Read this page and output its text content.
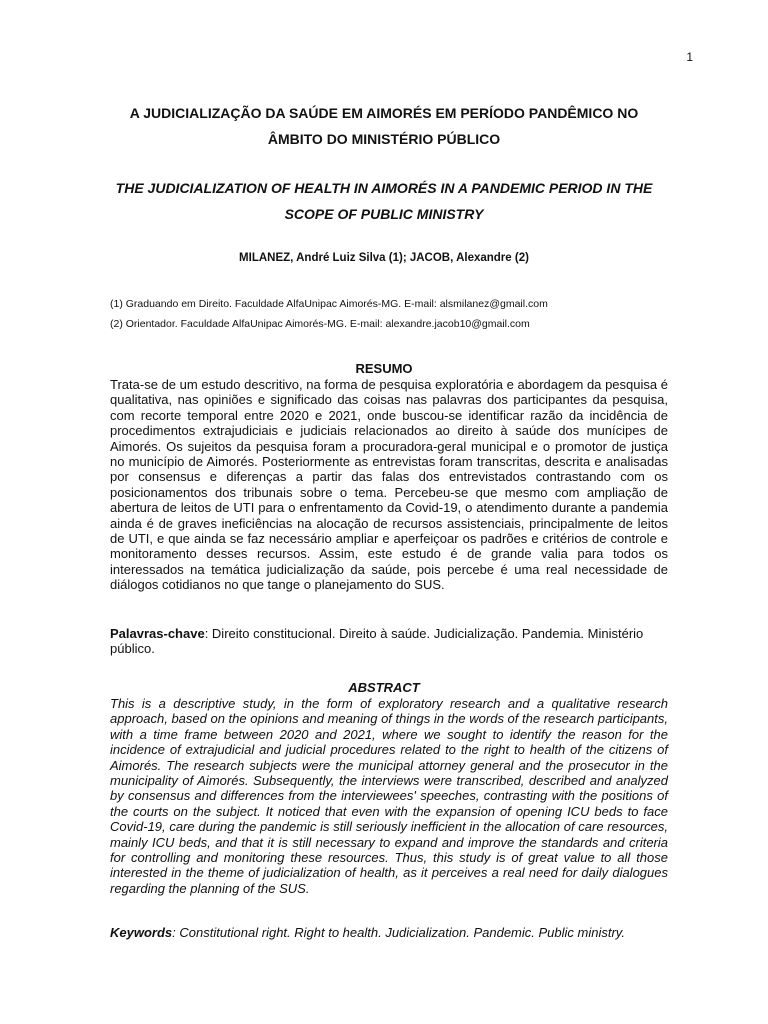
1
A JUDICIALIZAÇÃO DA SAÚDE EM AIMORÉS EM PERÍODO PANDÊMICO NO ÂMBITO DO MINISTÉRIO PÚBLICO
THE JUDICIALIZATION OF HEALTH IN AIMORÉS IN A PANDEMIC PERIOD IN THE SCOPE OF PUBLIC MINISTRY
MILANEZ, André Luiz Silva (1); JACOB, Alexandre (2)
(1) Graduando em Direito. Faculdade AlfaUnipac Aimorés-MG. E-mail: alsmilanez@gmail.com
(2) Orientador. Faculdade AlfaUnipac Aimorés-MG. E-mail: alexandre.jacob10@gmail.com
RESUMO
Trata-se de um estudo descritivo, na forma de pesquisa exploratória e abordagem da pesquisa é qualitativa, nas opiniões e significado das coisas nas palavras dos participantes da pesquisa, com recorte temporal entre 2020 e 2021, onde buscou-se identificar razão da incidência de procedimentos extrajudiciais e judiciais relacionados ao direito à saúde dos munícipes de Aimorés. Os sujeitos da pesquisa foram a procuradora-geral municipal e o promotor de justiça no município de Aimorés. Posteriormente as entrevistas foram transcritas, descrita e analisadas por consensus e diferenças a partir das falas dos entrevistados contrastando com os posicionamentos dos tribunais sobre o tema. Percebeu-se que mesmo com ampliação de abertura de leitos de UTI para o enfrentamento da Covid-19, o atendimento durante a pandemia ainda é de graves ineficiências na alocação de recursos assistenciais, principalmente de leitos de UTI, e que ainda se faz necessário ampliar e aperfeiçoar os padrões e critérios de controle e monitoramento desses recursos. Assim, este estudo é de grande valia para todos os interessados na temática judicialização da saúde, pois percebe é uma real necessidade de diálogos cotidianos no que tange o planejamento do SUS.
Palavras-chave: Direito constitucional. Direito à saúde. Judicialização. Pandemia. Ministério público.
ABSTRACT
This is a descriptive study, in the form of exploratory research and a qualitative research approach, based on the opinions and meaning of things in the words of the research participants, with a time frame between 2020 and 2021, where we sought to identify the reason for the incidence of extrajudicial and judicial procedures related to the right to health of the citizens of Aimorés. The research subjects were the municipal attorney general and the prosecutor in the municipality of Aimorés. Subsequently, the interviews were transcribed, described and analyzed by consensus and differences from the interviewees' speeches, contrasting with the positions of the courts on the subject. It noticed that even with the expansion of opening ICU beds to face Covid-19, care during the pandemic is still seriously inefficient in the allocation of care resources, mainly ICU beds, and that it is still necessary to expand and improve the standards and criteria for controlling and monitoring these resources. Thus, this study is of great value to all those interested in the theme of judicialization of health, as it perceives a real need for daily dialogues regarding the planning of the SUS.
Keywords: Constitutional right. Right to health. Judicialization. Pandemic. Public ministry.
